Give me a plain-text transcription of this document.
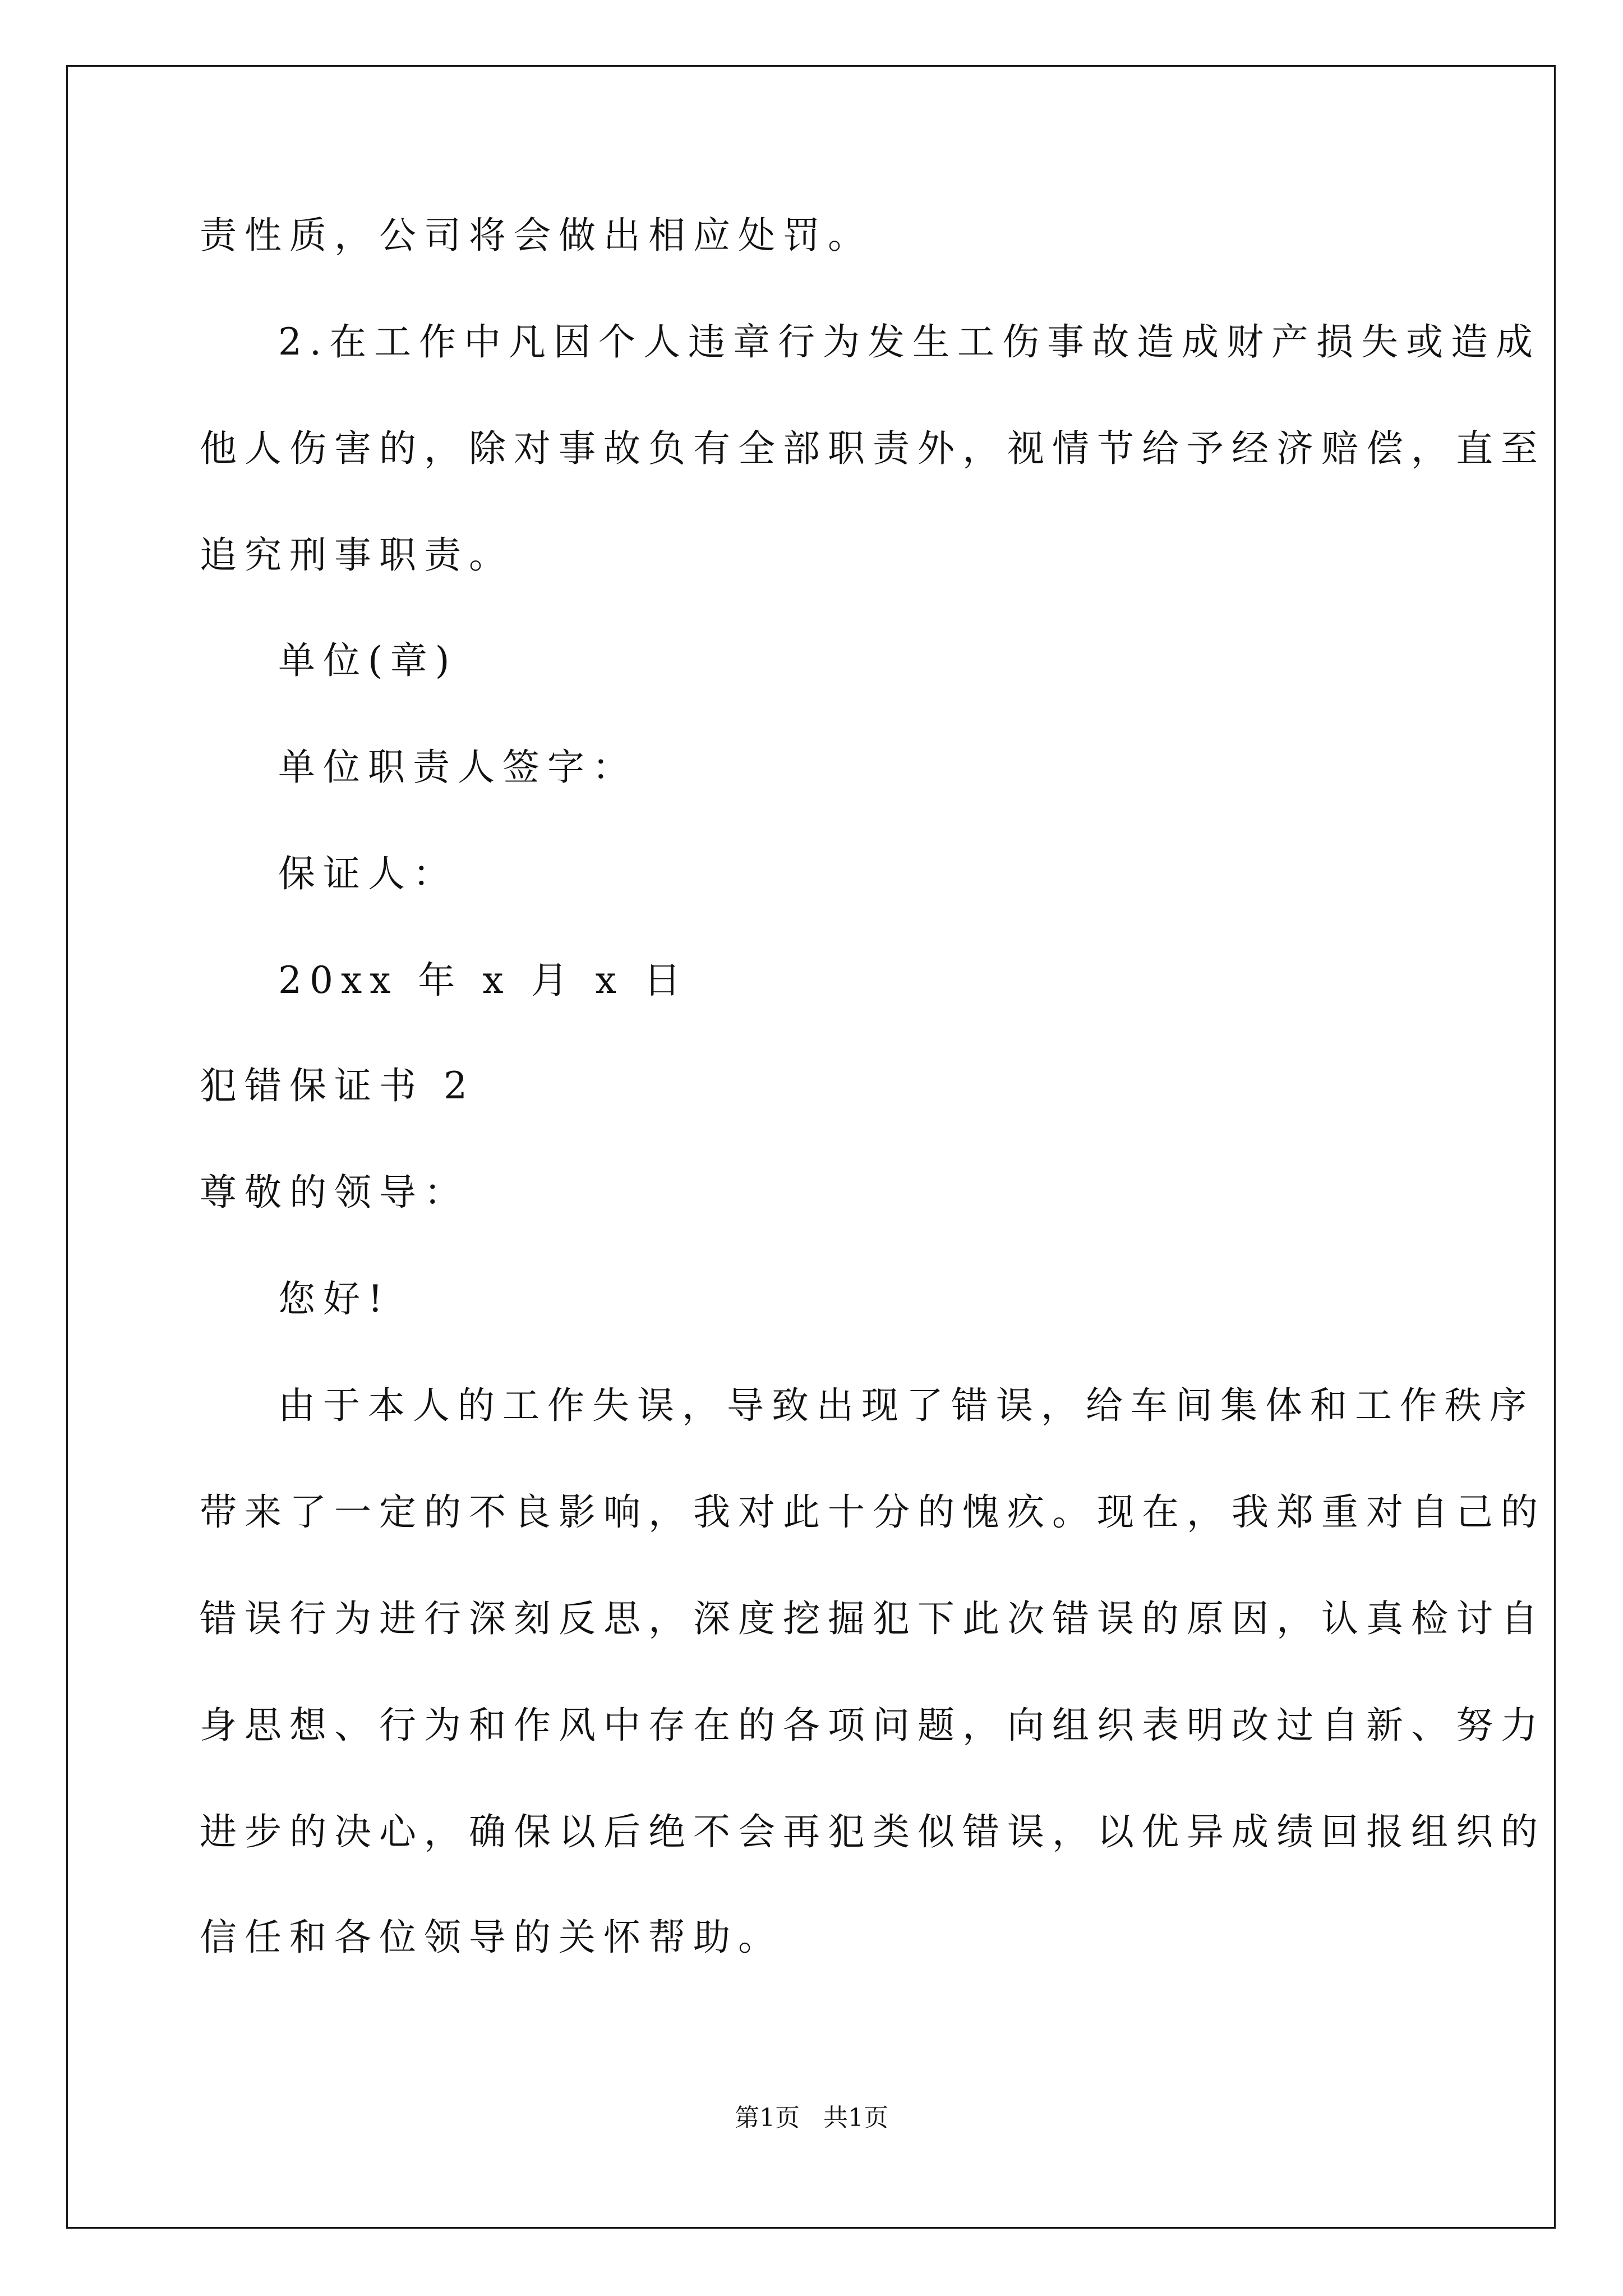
责性质，公司将会做出相应处罚。
2.在工作中凡因个人违章行为发生工伤事故造成财产损失或造成
他人伤害的，除对事故负有全部职责外，视情节给予经济赔偿，直至
追究刑事职责。
单位(章)
单位职责人签字：
保证人：
20xx 年 x 月 x 日
犯错保证书 2
尊敬的领导：
您好!
由于本人的工作失误，导致出现了错误，给车间集体和工作秩序
带来了一定的不良影响，我对此十分的愧疚。现在，我郑重对自己的
错误行为进行深刻反思，深度挖掘犯下此次错误的原因，认真检讨自
身思想、行为和作风中存在的各项问题，向组织表明改过自新、努力
进步的决心，确保以后绝不会再犯类似错误，以优异成绩回报组织的
信任和各位领导的关怀帮助。
第1页   共1页
